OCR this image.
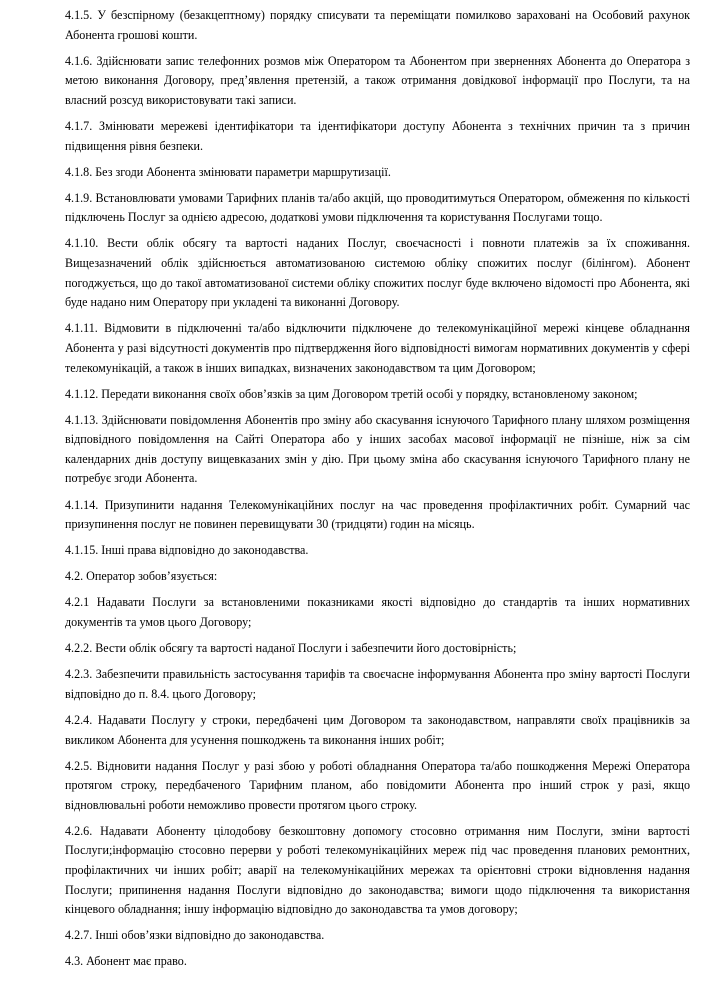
4.1.5. У безспірному (безакцептному) порядку списувати та переміщати помилково зараховані на Особовий рахунок Абонента грошові кошти.

4.1.6. Здійснювати запис телефонних розмов між Оператором та Абонентом при зверненнях Абонента до Оператора з метою виконання Договору, пред’явлення претензій, а також отримання довідкової інформації про Послуги, та на власний розсуд використовувати такі записи.

4.1.7. Змінювати мережеві ідентифікатори та ідентифікатори доступу Абонента з технічних причин та з причин підвищення рівня безпеки.

4.1.8. Без згоди Абонента змінювати параметри маршрутизації.

4.1.9. Встановлювати умовами Тарифних планів та/або акцій, що проводитимуться Оператором, обмеження по кількості підключень Послуг за однією адресою, додаткові умови підключення та користування Послугами тощо.

4.1.10. Вести облік обсягу та вартості наданих Послуг, своєчасності і повноти платежів за їх споживання. Вищезазначений облік здійснюється автоматизованою системою обліку спожитих послуг (білінгом). Абонент погоджується, що до такої автоматизованої системи обліку спожитих послуг буде включено відомості про Абонента, які буде надано ним Оператору при укладені та виконанні Договору.

4.1.11. Відмовити в підключенні та/або відключити підключене до телекомунікаційної мережі кінцеве обладнання Абонента у разі відсутності документів про підтвердження його відповідності вимогам нормативних документів у сфері телекомунікацій, а також в інших випадках, визначених законодавством та цим Договором;

4.1.12. Передати виконання своїх обов’язків за цим Договором третій особі у порядку, встановленому законом;

4.1.13. Здійснювати повідомлення Абонентів про зміну або скасування існуючого Тарифного плану шляхом розміщення відповідного повідомлення на Сайті Оператора або у інших засобах масової інформації не пізніше, ніж за сім календарних днів доступу вищевказаних змін у дію. При цьому зміна або скасування існуючого Тарифного плану не потребує згоди Абонента.

4.1.14. Призупинити надання Телекомунікаційних послуг на час проведення профілактичних робіт. Сумарний час призупинення послуг не повинен перевищувати 30 (тридцяти) годин на місяць.

4.1.15. Інші права відповідно до законодавства.

4.2. Оператор зобов’язується:

4.2.1 Надавати Послуги за встановленими показниками якості відповідно до стандартів та інших нормативних документів та умов цього Договору;

4.2.2. Вести облік обсягу та вартості наданої Послуги і забезпечити його достовірність;

4.2.3. Забезпечити правильність застосування тарифів та своєчасне інформування Абонента про зміну вартості Послуги відповідно до п. 8.4. цього Договору;

4.2.4. Надавати Послугу у строки, передбачені цим Договором та законодавством, направляти своїх працівників за викликом Абонента для усунення пошкоджень та виконання інших робіт;

4.2.5. Відновити надання Послуг у разі збою у роботі обладнання Оператора та/або пошкодження Мережі Оператора протягом строку, передбаченого Тарифним планом, або повідомити Абонента про інший строк у разі, якщо відновлювальні роботи неможливо провести протягом цього строку.

4.2.6. Надавати Абоненту цілодобову безкоштовну допомогу стосовно отримання ним Послуги, зміни вартості Послуги;інформацію стосовно перерви у роботі телекомунікаційних мереж під час проведення планових ремонтних, профілактичних чи інших робіт; аварії на телекомунікаційних мережах та орієнтовні строки відновлення надання Послуги; припинення надання Послуги відповідно до законодавства; вимоги щодо підключення та використання кінцевого обладнання; іншу інформацію відповідно до законодавства та умов договору;

4.2.7. Інші обов’язки відповідно до законодавства.

4.3. Абонент має право.
